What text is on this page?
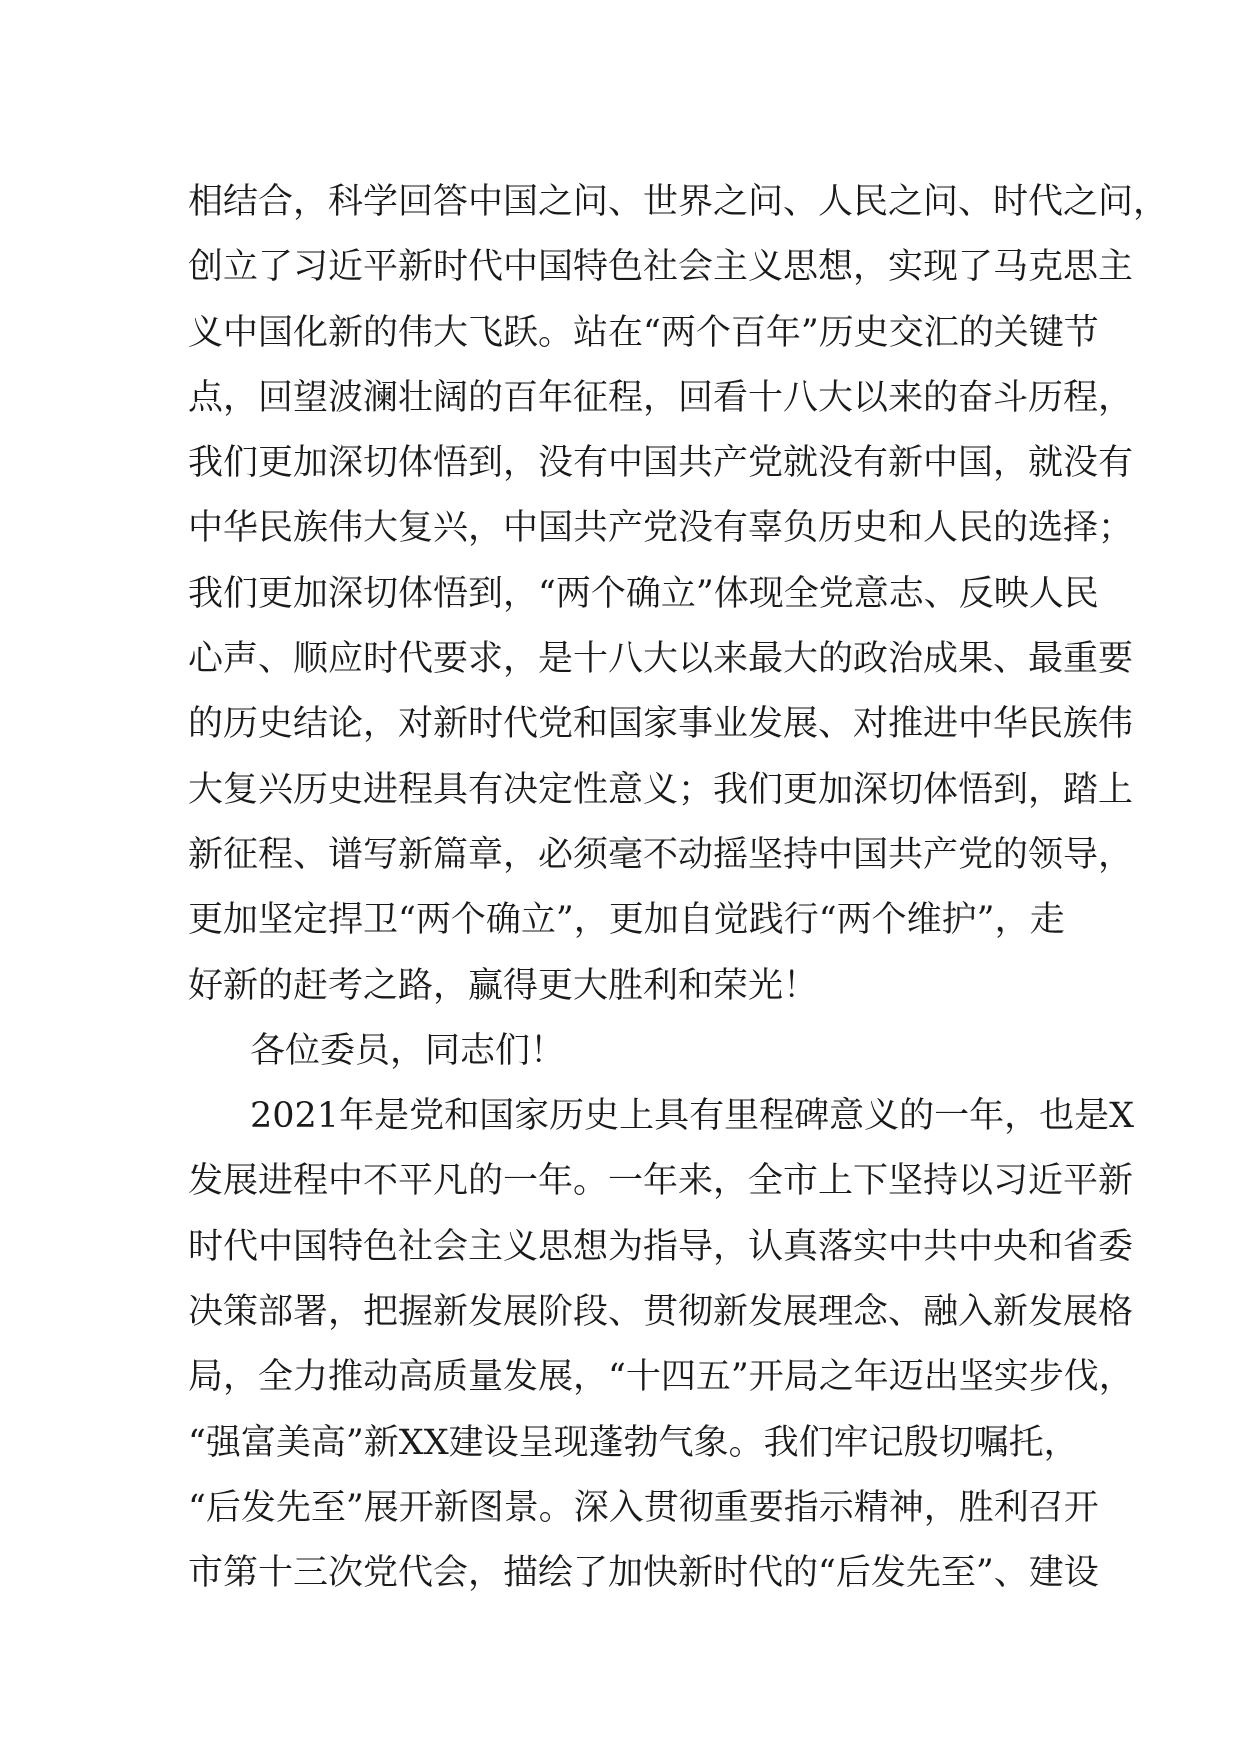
相结合，科学回答中国之问、世界之问、人民之问、时代之问，
创立了习近平新时代中国特色社会主义思想，实现了马克思主
义中国化新的伟大飞跃。站在“两个百年”历史交汇的关键节
点，回望波澜壮阔的百年征程，回看十八大以来的奋斗历程，
我们更加深切体悟到，没有中国共产党就没有新中国，就没有
中华民族伟大复兴，中国共产党没有辜负历史和人民的选择；
我们更加深切体悟到，“两个确立”体现全党意志、反映人民
心声、顺应时代要求，是十八大以来最大的政治成果、最重要
的历史结论，对新时代党和国家事业发展、对推进中华民族伟
大复兴历史进程具有决定性意义；我们更加深切体悟到，踏上
新征程、谱写新篇章，必须毫不动摇坚持中国共产党的领导，
更加坚定捍卫“两个确立”，更加自觉践行“两个维护”，走
好新的赶考之路，赢得更大胜利和荣光！
各位委员，同志们！
2021年是党和国家历史上具有里程碑意义的一年，也是X
发展进程中不平凡的一年。一年来，全市上下坚持以习近平新
时代中国特色社会主义思想为指导，认真落实中共中央和省委
决策部署，把握新发展阶段、贯彻新发展理念、融入新发展格
局，全力推动高质量发展，“十四五”开局之年迈出坚实步伐，
“强富美高”新XX建设呈现蓬勃气象。我们牢记殷切嘱托，
“后发先至”展开新图景。深入贯彻重要指示精神，胜利召开
市第十三次党代会，描绘了加快新时代的“后发先至”、建设
